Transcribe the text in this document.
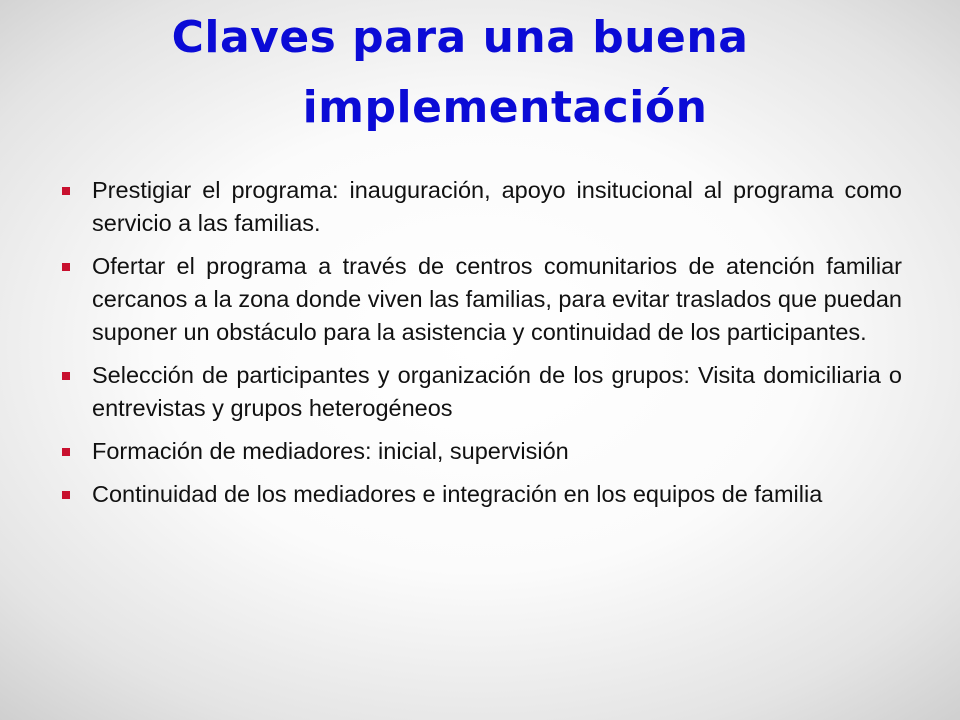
Claves para una buena
implementación
Prestigiar el programa: inauguración, apoyo insitucional al programa como servicio a las familias.
Ofertar el programa a través de centros comunitarios de atención familiar cercanos a la zona donde viven las familias, para evitar traslados que puedan suponer un obstáculo para la asistencia y continuidad de los participantes.
Selección de participantes y organización de los grupos: Visita domiciliaria o entrevistas y grupos heterogéneos
Formación de mediadores: inicial, supervisión
Continuidad de los mediadores e integración en los equipos de familia
